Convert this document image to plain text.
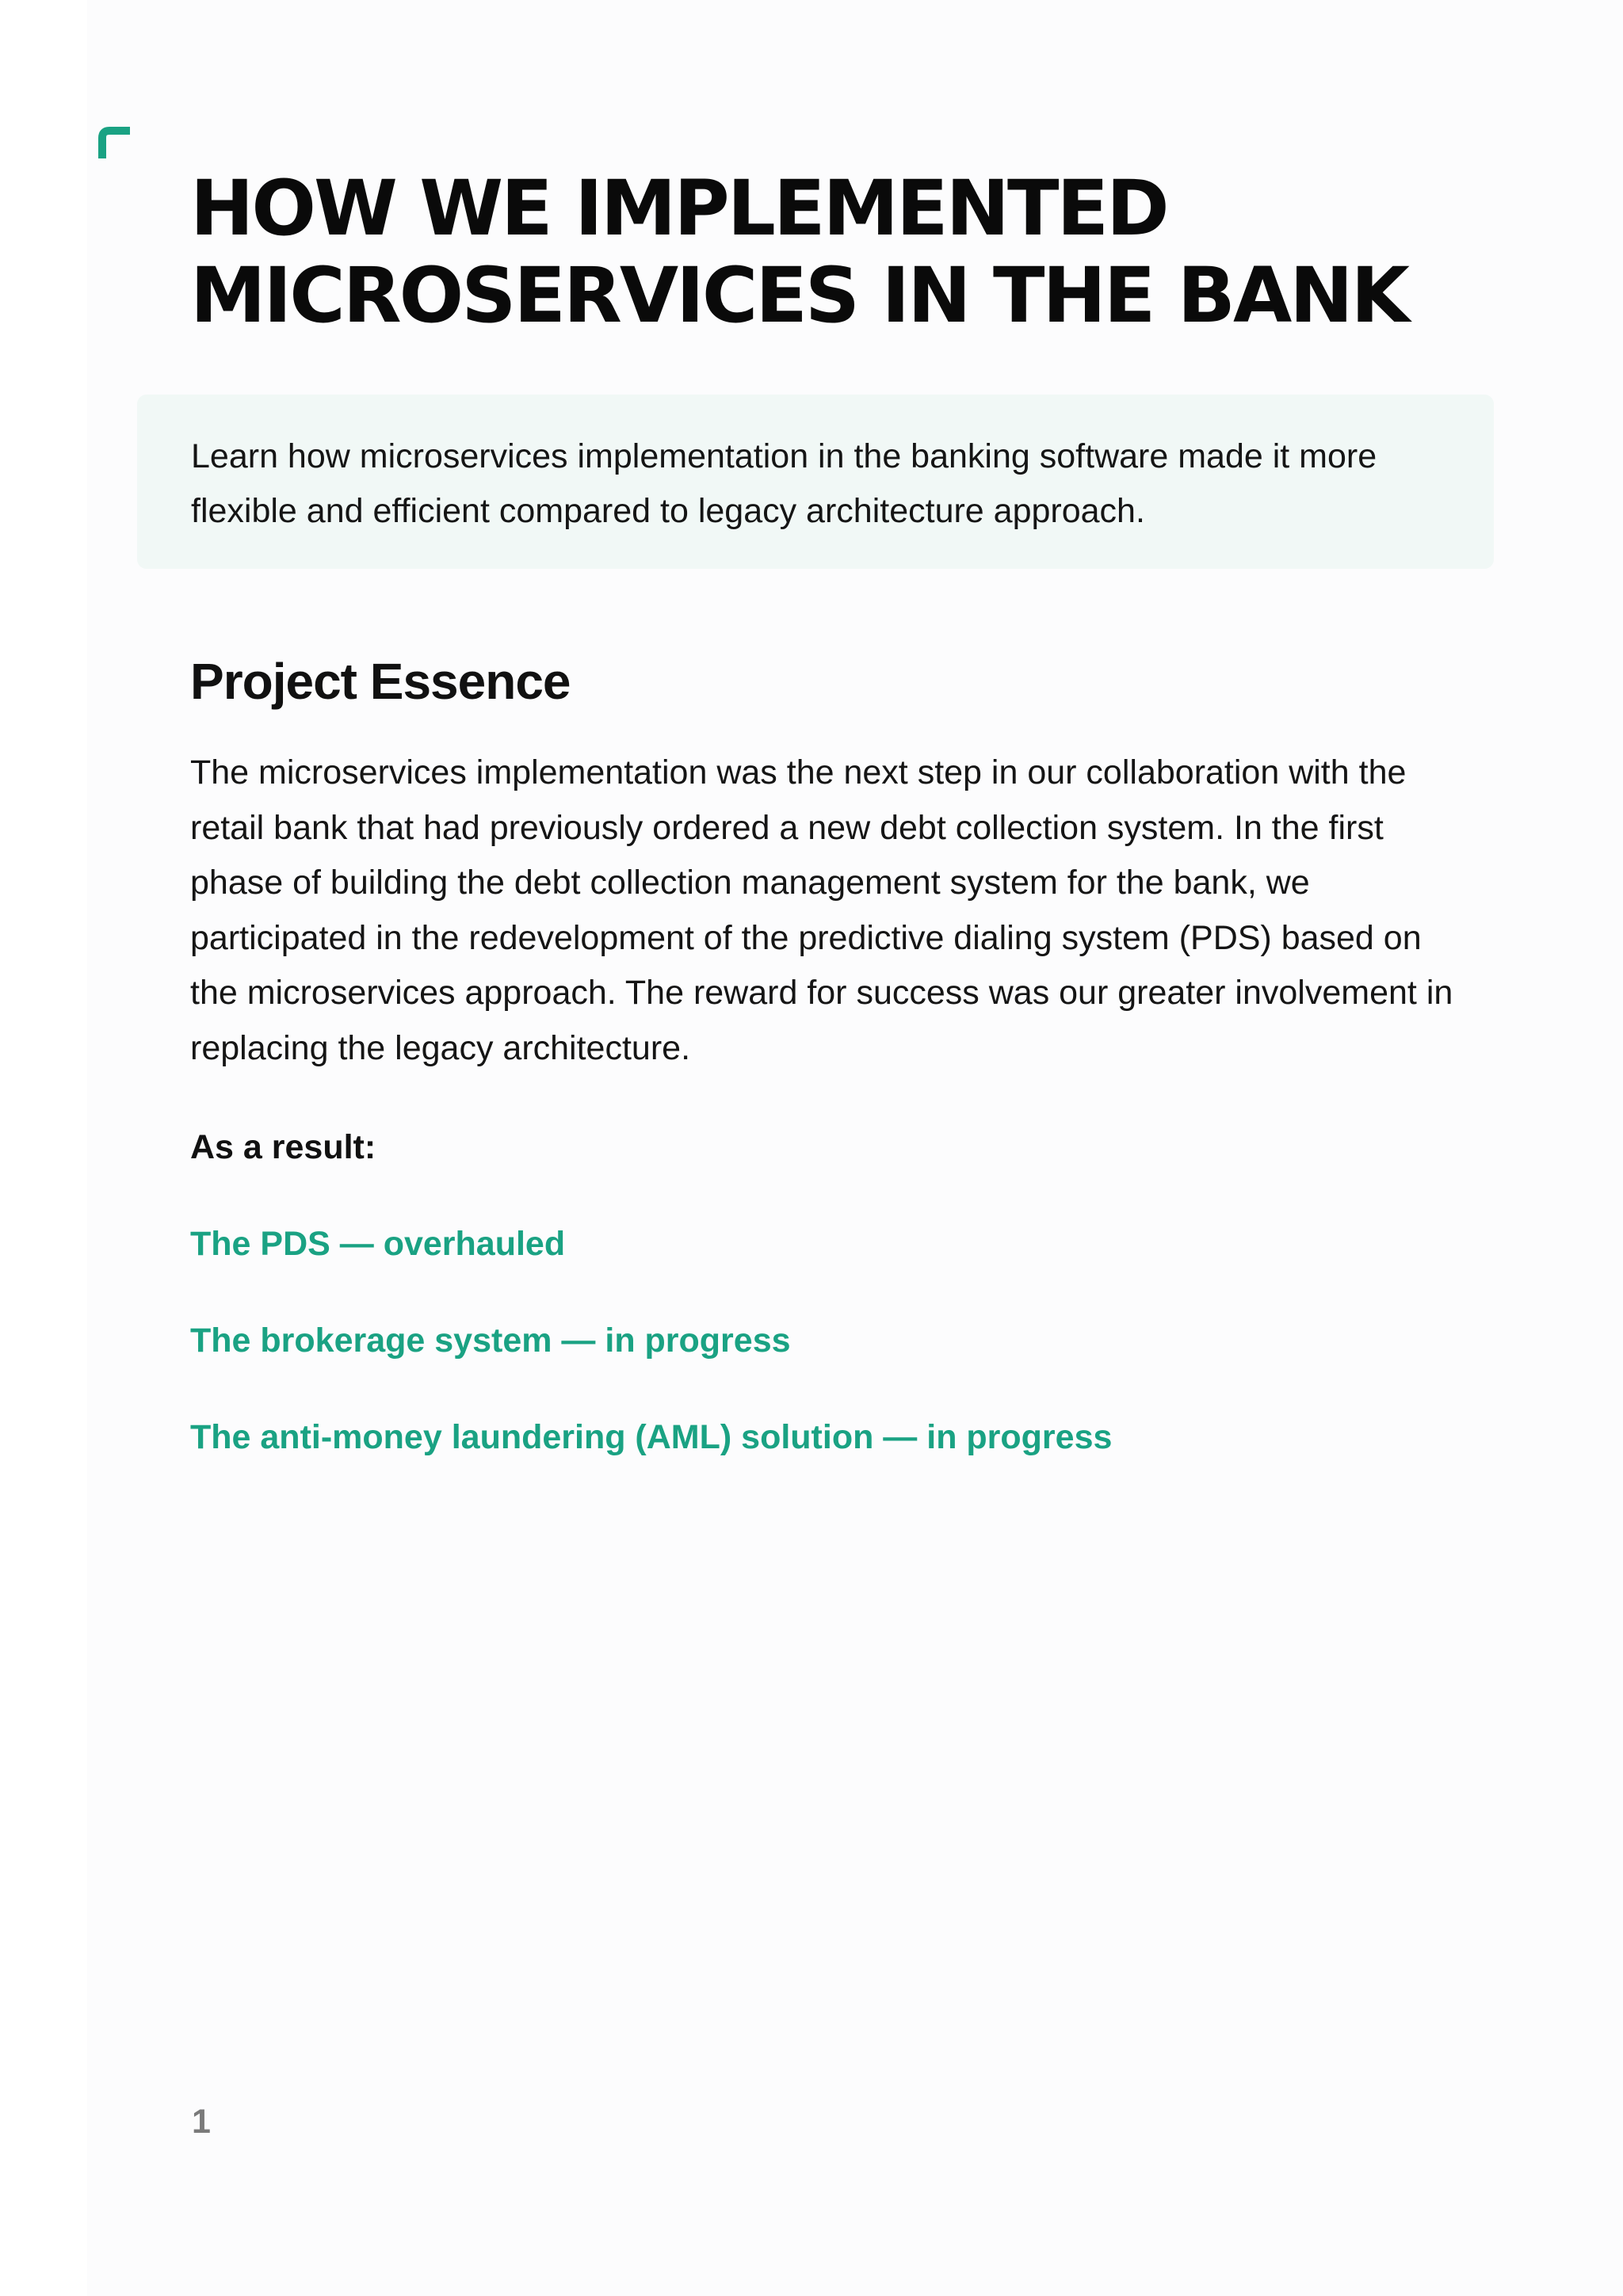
HOW WE IMPLEMENTED
MICROSERVICES IN THE BANK

Learn how microservices implementation in the banking software made it more flexible and efficient compared to legacy architecture approach.

Project Essence

The microservices implementation was the next step in our collaboration with the retail bank that had previously ordered a new debt collection system. In the first phase of building the debt collection management system for the bank, we participated in the redevelopment of the predictive dialing system (PDS) based on the microservices approach. The reward for success was our greater involvement in replacing the legacy architecture.

As a result:

The PDS — overhauled
The brokerage system — in progress
The anti-money laundering (AML) solution — in progress
1
